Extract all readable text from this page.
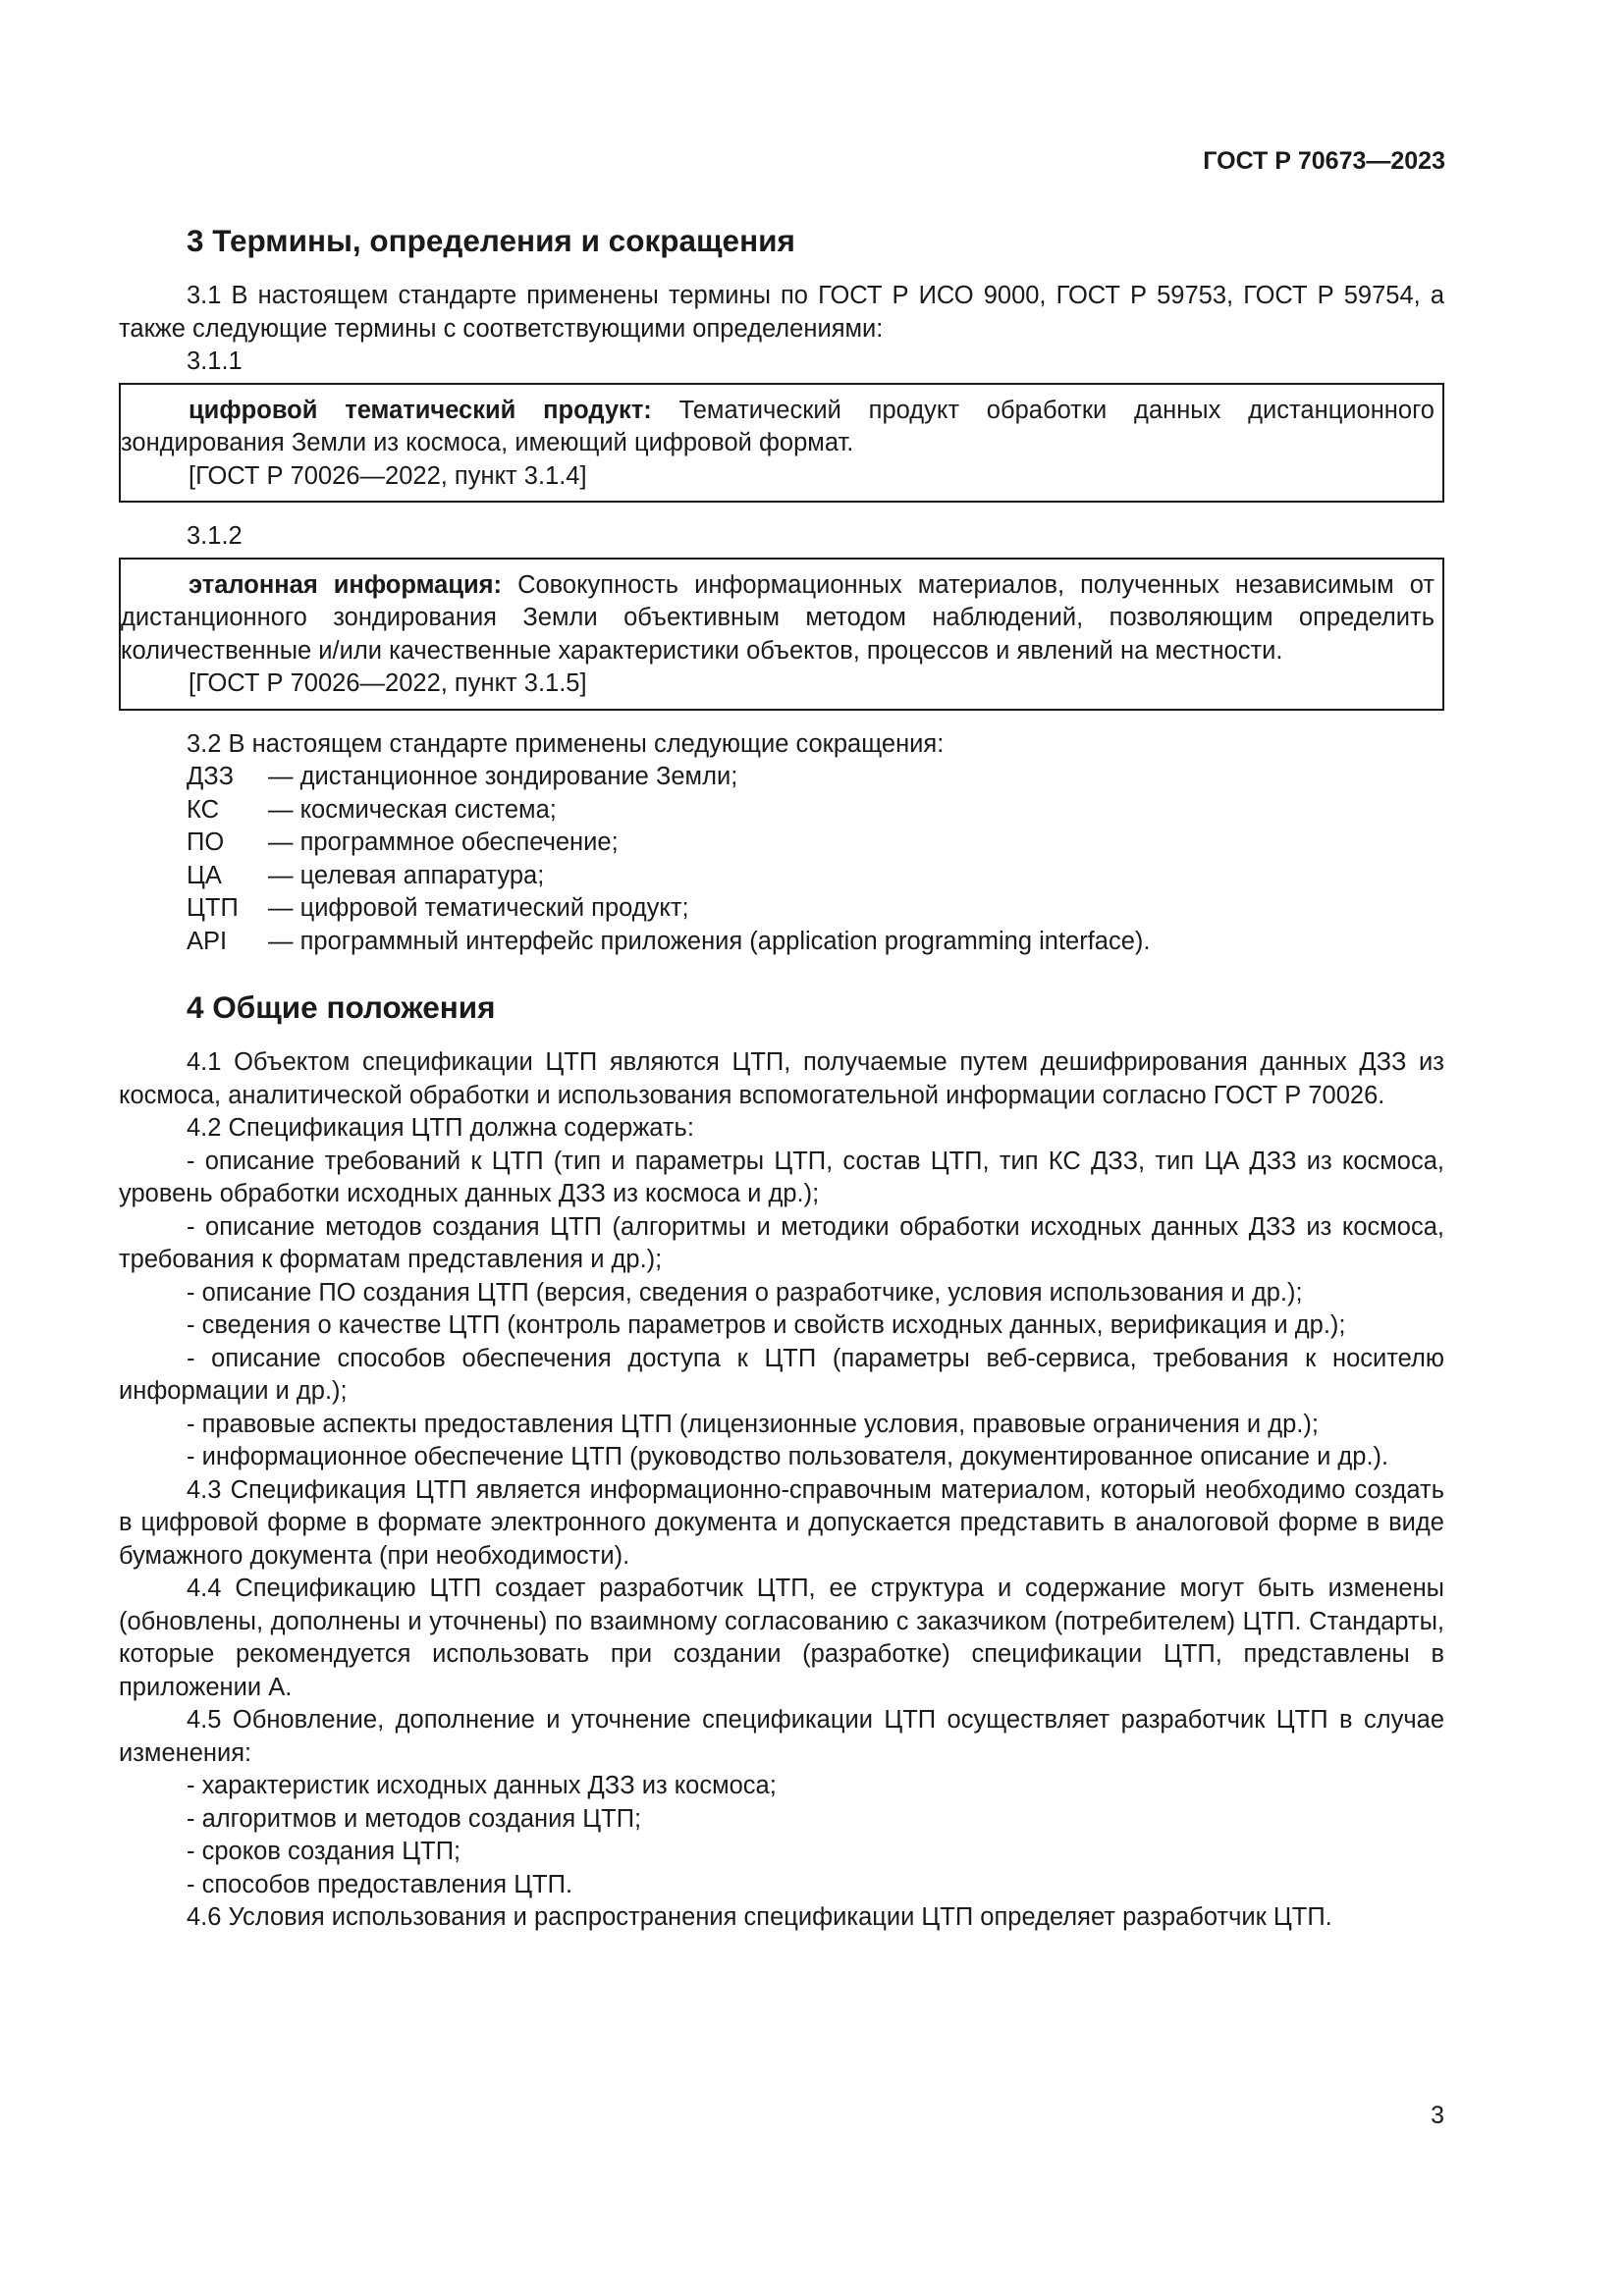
ГОСТ Р 70673—2023
3 Термины, определения и сокращения

3.1 В настоящем стандарте применены термины по ГОСТ Р ИСО 9000, ГОСТ Р 59753, ГОСТ Р 59754, а также следующие термины с соответствующими определениями:

3.1.1

цифровой тематический продукт: Тематический продукт обработки данных дистанционного зондирования Земли из космоса, имеющий цифровой формат.

[ГОСТ Р 70026—2022, пункт 3.1.4]
3.1.2

эталонная информация: Совокупность информационных материалов, полученных независимым от дистанционного зондирования Земли объективным методом наблюдений, позволяющим определить количественные и/или качественные характеристики объектов, процессов и явлений на местности.

[ГОСТ Р 70026—2022, пункт 3.1.5]

3.2 В настоящем стандарте применены следующие сокращения:

ДЗЗ	— дистанционное зондирование Земли;
КС	— космическая система;
ПО	— программное обеспечение;
ЦА	— целевая аппаратура;
ЦТП	— цифровой тематический продукт;
API	— программный интерфейс приложения (application programming interface).
4 Общие положения

4.1 Объектом спецификации ЦТП являются ЦТП, получаемые путем дешифрирования данных ДЗЗ из космоса, аналитической обработки и использования вспомогательной информации согласно ГОСТ Р 70026.

4.2 Спецификация ЦТП должна содержать:

- описание требований к ЦТП (тип и параметры ЦТП, состав ЦТП, тип КС ДЗЗ, тип ЦА ДЗЗ из космоса, уровень обработки исходных данных ДЗЗ из космоса и др.);

- описание методов создания ЦТП (алгоритмы и методики обработки исходных данных ДЗЗ из космоса, требования к форматам представления и др.);

- описание ПО создания ЦТП (версия, сведения о разработчике, условия использования и др.);

- сведения о качестве ЦТП (контроль параметров и свойств исходных данных, верификация и др.);

- описание способов обеспечения доступа к ЦТП (параметры веб-сервиса, требования к носителю информации и др.);

- правовые аспекты предоставления ЦТП (лицензионные условия, правовые ограничения и др.);

- информационное обеспечение ЦТП (руководство пользователя, документированное описание и др.).

4.3 Спецификация ЦТП является информационно-справочным материалом, который необходимо создать в цифровой форме в формате электронного документа и допускается представить в аналоговой форме в виде бумажного документа (при необходимости).

4.4 Спецификацию ЦТП создает разработчик ЦТП, ее структура и содержание могут быть изменены (обновлены, дополнены и уточнены) по взаимному согласованию с заказчиком (потребителем) ЦТП. Стандарты, которые рекомендуется использовать при создании (разработке) спецификации ЦТП, представлены в приложении А.

4.5 Обновление, дополнение и уточнение спецификации ЦТП осуществляет разработчик ЦТП в случае изменения:

- характеристик исходных данных ДЗЗ из космоса;

- алгоритмов и методов создания ЦТП;

- сроков создания ЦТП;

- способов предоставления ЦТП.

4.6 Условия использования и распространения спецификации ЦТП определяет разработчик ЦТП.

3
